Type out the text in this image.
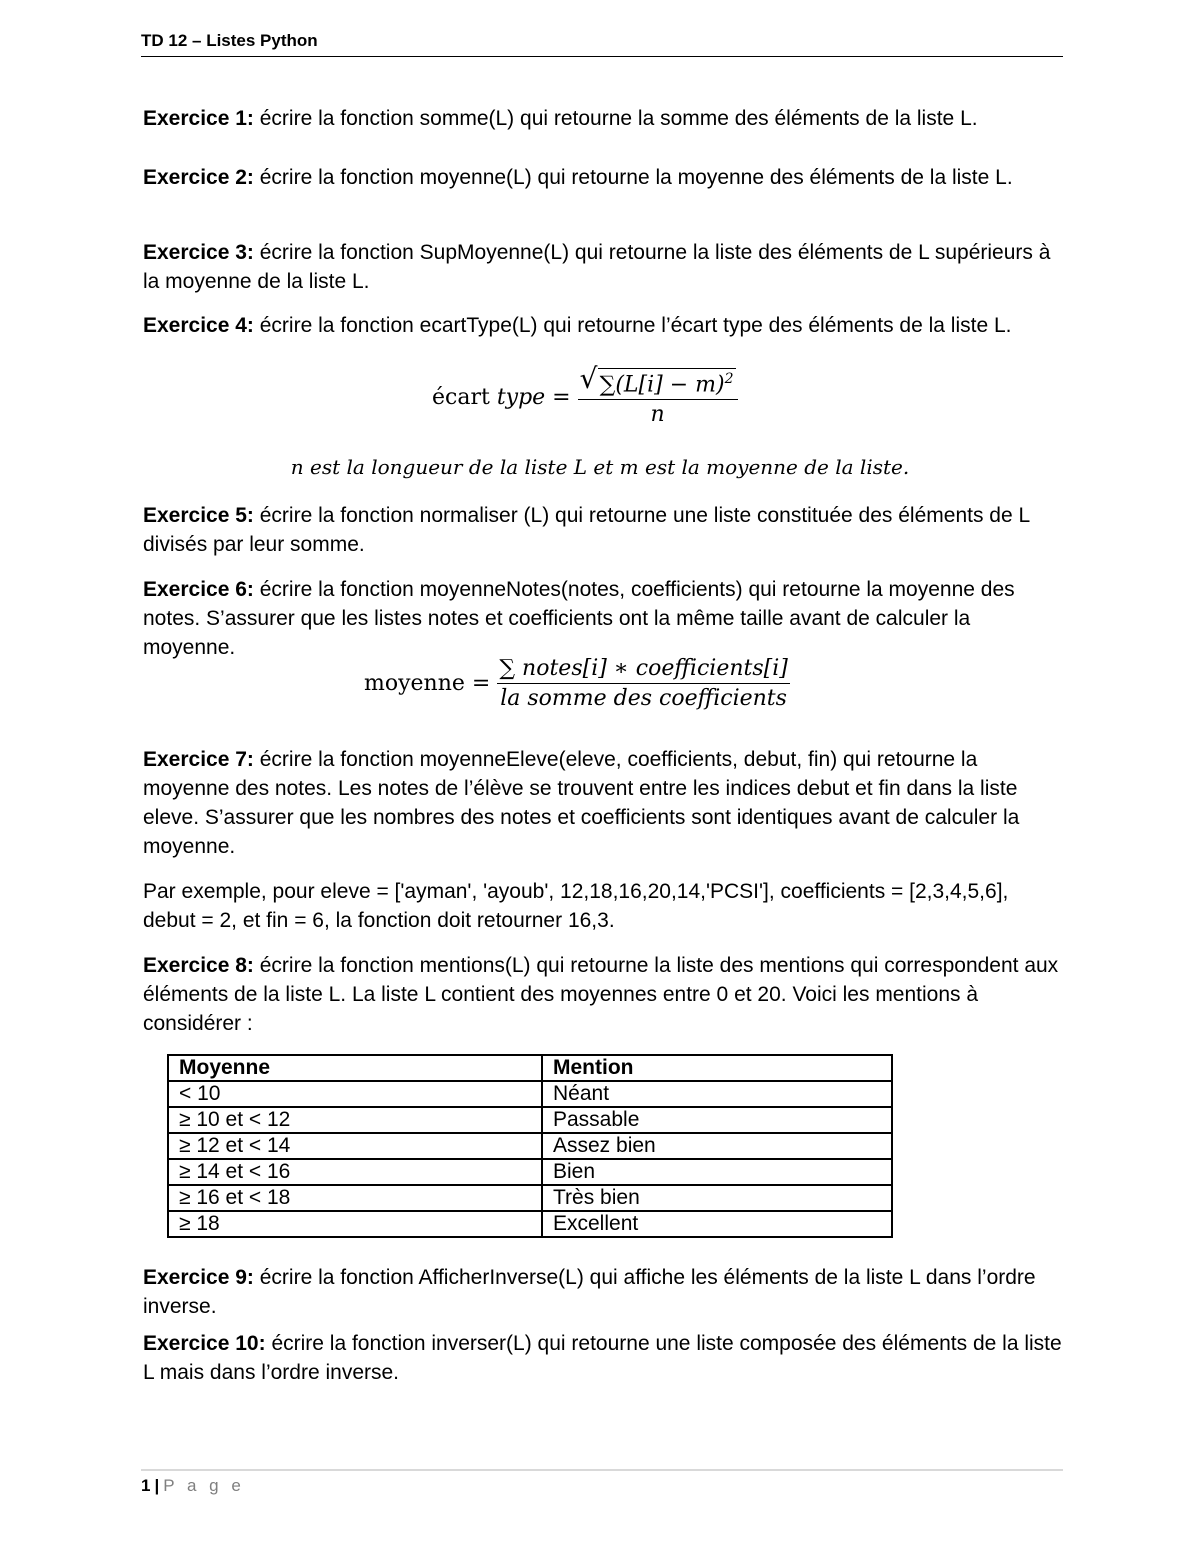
TD 12 – Listes Python
Exercice 1: écrire la fonction somme(L) qui retourne la somme des éléments de la liste L.
Exercice 2: écrire la fonction moyenne(L) qui retourne la moyenne des éléments de la liste L.
Exercice 3: écrire la fonction SupMoyenne(L) qui retourne la liste des éléments de L supérieurs à la moyenne de la liste L.
Exercice 4: écrire la fonction ecartType(L) qui retourne l’écart type des éléments de la liste L.
écart type = $\frac{√ \sum(L[i] - m)^2}{n}$
n est la longueur de la liste L et m est la moyenne de la liste.
Exercice 5: écrire la fonction normaliser (L) qui retourne une liste constituée des éléments de L divisés par leur somme.
Exercice 6: écrire la fonction moyenneNotes(notes, coefficients) qui retourne la moyenne des notes. S’assurer que les listes notes et coefficients ont la même taille avant de calculer la moyenne.
moyenne = $\frac{\text{∑ notes[i] ∗ coefficients[i]}}{\text{la somme des coefficients}}$
Exercice 7: écrire la fonction moyenneEleve(eleve, coefficients, debut, fin) qui retourne la moyenne des notes. Les notes de l’élève se trouvent entre les indices debut et fin dans la liste eleve. S’assurer que les nombres des notes et coefficients sont identiques avant de calculer la moyenne.
Par exemple, pour eleve = ['ayman', 'ayoub', 12,18,16,20,14,'PCSI'], coefficients = [2,3,4,5,6], debut = 2, et fin = 6, la fonction doit retourner 16,3.
Exercice 8: écrire la fonction mentions(L) qui retourne la liste des mentions qui correspondent aux éléments de la liste L. La liste L contient des moyennes entre 0 et 20. Voici les mentions à considérer :
Moyenne	Mention
< 10	Néant
≥ 10 et < 12	Passable
≥ 12 et < 14	Assez bien
≥ 14 et < 16	Bien
≥ 16 et < 18	Très bien
≥ 18	Excellent
Exercice 9: écrire la fonction AfficherInverse(L) qui affiche les éléments de la liste L dans l’ordre inverse.
Exercice 10: écrire la fonction inverser(L) qui retourne une liste composée des éléments de la liste L mais dans l’ordre inverse.
1 | P a g e
